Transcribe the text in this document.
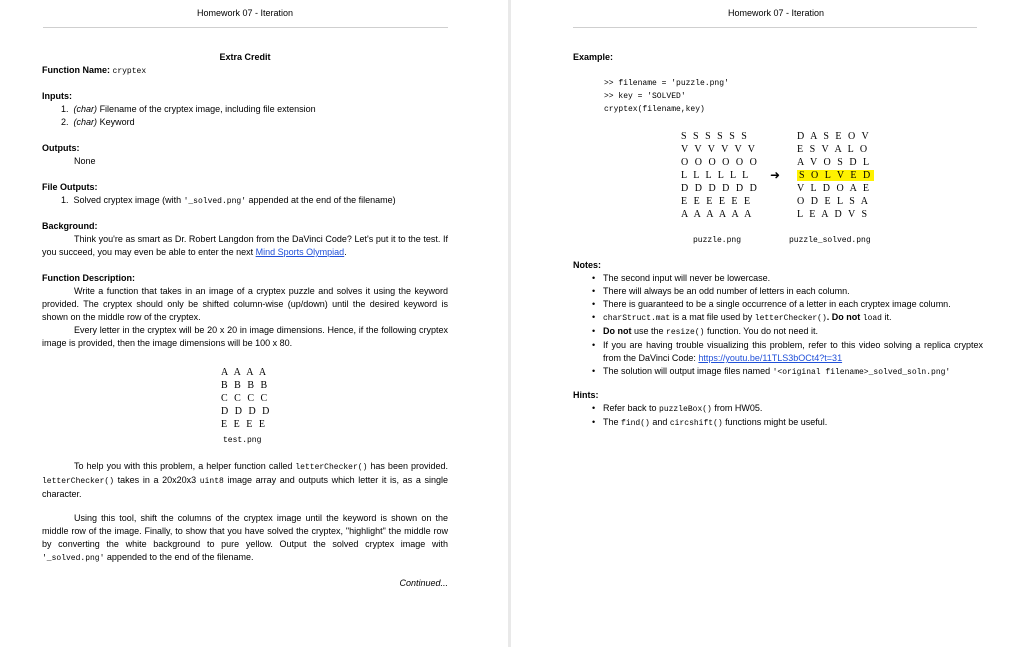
Homework 07 - Iteration
Extra Credit
Function Name: cryptex
Inputs:
1. (char) Filename of the cryptex image, including file extension
2. (char) Keyword
Outputs:
None
File Outputs:
1. Solved cryptex image (with '_solved.png' appended at the end of the filename)
Background:
Think you're as smart as Dr. Robert Langdon from the DaVinci Code? Let's put it to the test. If you succeed, you may even be able to enter the next Mind Sports Olympiad.
Function Description:
Write a function that takes in an image of a cryptex puzzle and solves it using the keyword provided. The cryptex should only be shifted column-wise (up/down) until the desired keyword is shown on the middle row of the cryptex.
Every letter in the cryptex will be 20 x 20 in image dimensions. Hence, if the following cryptex image is provided, then the image dimensions will be 100 x 80.
A A A A
B B B B
C C C C
D D D D
E E E E
test.png
To help you with this problem, a helper function called letterChecker() has been provided. letterChecker() takes in a 20x20x3 uint8 image array and outputs which letter it is, as a single character.
Using this tool, shift the columns of the cryptex image until the keyword is shown on the middle row of the image. Finally, to show that you have solved the cryptex, "highlight" the middle row by converting the white background to pure yellow. Output the solved cryptex image with '_solved.png' appended to the end of the filename.
Continued...
Homework 07 - Iteration
Example:
>> filename = 'puzzle.png'
>> key = 'SOLVED'
cryptex(filename,key)
S S S S S S
V V V V V V
O O O O O O
L L L L L L
D D D D D D
E E E E E E
A A A A A A
➜
D A S E O V
E S V A L O
A V O S D L
S O L V E D
V L D O A E
O D E L S A
L E A D V S
puzzle.png	puzzle_solved.png
Notes:
• The second input will never be lowercase.
• There will always be an odd number of letters in each column.
• There is guaranteed to be a single occurrence of a letter in each cryptex image column.
• charStruct.mat is a mat file used by letterChecker(). Do not load it.
• Do not use the resize() function. You do not need it.
• If you are having trouble visualizing this problem, refer to this video solving a replica cryptex from the DaVinci Code: https://youtu.be/11TLS3bOCt4?t=31
• The solution will output image files named '<original filename>_solved_soln.png'
Hints:
• Refer back to puzzleBox() from HW05.
• The find() and circshift() functions might be useful.
